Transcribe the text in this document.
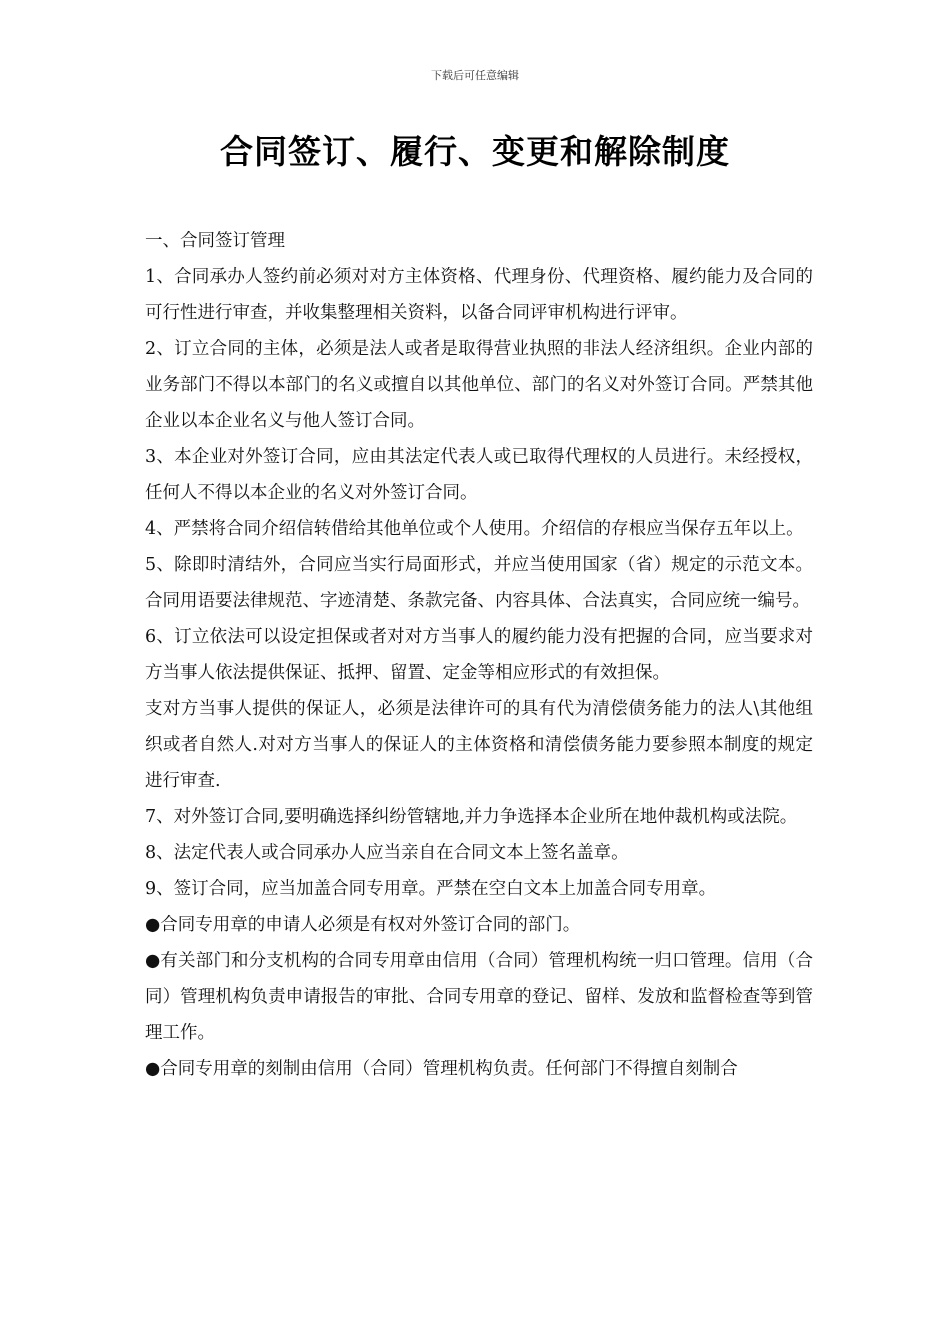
下载后可任意编辑
合同签订、履行、变更和解除制度

一、合同签订管理

1、合同承办人签约前必须对对方主体资格、代理身份、代理资格、履约能力及合同的可行性进行审查，并收集整理相关资料，以备合同评审机构进行评审。

2、订立合同的主体，必须是法人或者是取得营业执照的非法人经济组织。企业内部的业务部门不得以本部门的名义或擅自以其他单位、部门的名义对外签订合同。严禁其他企业以本企业名义与他人签订合同。

3、本企业对外签订合同，应由其法定代表人或已取得代理权的人员进行。未经授权，任何人不得以本企业的名义对外签订合同。

4、严禁将合同介绍信转借给其他单位或个人使用。介绍信的存根应当保存五年以上。

5、除即时清结外，合同应当实行局面形式，并应当使用国家（省）规定的示范文本。合同用语要法律规范、字迹清楚、条款完备、内容具体、合法真实，合同应统一编号。

6、订立依法可以设定担保或者对对方当事人的履约能力没有把握的合同，应当要求对方当事人依法提供保证、抵押、留置、定金等相应形式的有效担保。

支对方当事人提供的保证人，必须是法律许可的具有代为清偿债务能力的法人\其他组织或者自然人.对对方当事人的保证人的主体资格和清偿债务能力要参照本制度的规定进行审查.

7、对外签订合同,要明确选择纠纷管辖地,并力争选择本企业所在地仲裁机构或法院。

8、法定代表人或合同承办人应当亲自在合同文本上签名盖章。

9、签订合同，应当加盖合同专用章。严禁在空白文本上加盖合同专用章。

●合同专用章的申请人必须是有权对外签订合同的部门。

●有关部门和分支机构的合同专用章由信用（合同）管理机构统一归口管理。信用（合同）管理机构负责申请报告的审批、合同专用章的登记、留样、发放和监督检查等到管理工作。

●合同专用章的刻制由信用（合同）管理机构负责。任何部门不得擅自刻制合
